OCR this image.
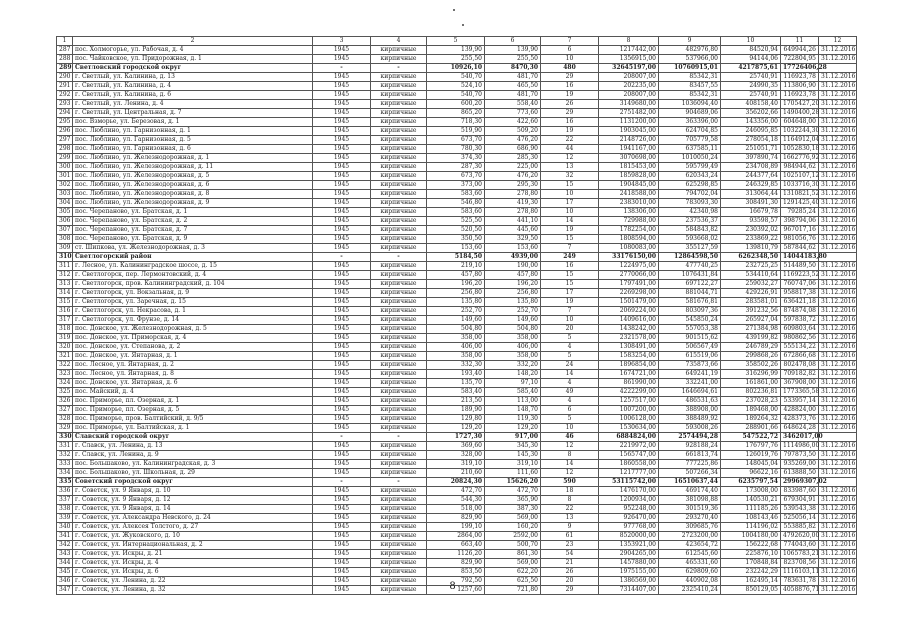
1	2	3	4	5	6	7	8	9	10	11	12
287	пос. Холмогорье, ул. Рабочая, д. 4	1945	кирпичные	139,90	139,90	6	1217442,00	482976,80	84520,94	649944,26	31.12.2016
288	пос. Чайковское, ул. Придорожная, д. 1	1945	кирпичные	255,50	255,50	10	1356915,00	537966,00	94144,06	722804,95	31.12.2016
289	Светловский городской округ	-	-	10926,10	8470,30	480	32645197,00	10760915,01	4217875,61	17726406,28	
290	г. Светлый, ул. Калинина, д. 13	1945	кирпичные	540,70	481,70	29	208007,00	85342,31	25740,91	116923,78	31.12.2016
291	г. Светлый, ул. Калинина, д. 4	1945	кирпичные	524,10	465,50	16	202235,00	83457,55	24990,35	113806,90	31.12.2016
292	г. Светлый, ул. Калинина, д. 6	1945	кирпичные	540,70	481,70	19	208007,00	85342,31	25740,91	116923,78	31.12.2016
293	г. Светлый, ул. Ленина, д. 4	1945	кирпичные	600,20	558,40	26	3149680,00	1036094,40	408158,40	1705427,20	31.12.2016
294	г. Светлый, ул. Центральная, д. 7	1945	кирпичные	865,20	773,60	29	2751482,00	904689,06	356202,66	1490400,28	31.12.2016
295	пос. Взморье, ул. Березовая, д. 1	1945	кирпичные	718,30	422,60	16	1131200,00	363396,00	143356,00	604648,00	31.12.2016
296	пос. Люблино, ул. Гарнизонная, д. 1	1945	кирпичные	519,90	509,20	19	1903045,00	624704,85	246095,85	1032244,30	31.12.2016
297	пос. Люблино, ул. Гарнизонная, д. 5	1945	кирпичные	673,70	476,20	22	2148726,00	705779,58	278054,18	1164912,04	31.12.2016
298	пос. Люблино, ул. Гарнизонная, д. 6	1945	кирпичные	780,30	686,90	44	1941167,00	637585,11	251051,71	1052830,18	31.12.2016
299	пос. Люблино, ул. Железнодорожная, д. 1	1945	кирпичные	374,30	285,30	12	3070698,00	1010050,24	397890,74	1662776,92	31.12.2016
300	пос. Люблино, ул. Железнодорожная, д. 11	1945	кирпичные	287,30	225,00	13	1815453,00	595799,49	234708,89	984944,62	31.12.2016
301	пос. Люблино, ул. Железнодорожная, д. 5	1945	кирпичные	673,70	476,20	32	1859828,00	620343,24	244377,64	1025107,12	31.12.2016
302	пос. Люблино, ул. Железнодорожная, д. 6	1945	кирпичные	373,00	295,30	15	1904845,00	625298,85	246329,85	1033716,30	31.12.2016
303	пос. Люблино, ул. Железнодорожная, д. 8	1945	кирпичные	583,60	278,80	10	2418588,00	794702,04	313064,44	1310821,52	31.12.2016
304	пос. Люблино, ул. Железнодорожная, д. 9	1945	кирпичные	546,80	419,30	17	2383010,00	783093,30	308491,30	1291425,40	31.12.2016
305	пос. Черепаново, ул. Братская, д. 1	1945	кирпичные	583,60	278,80	10	138306,00	42340,98	16679,78	79285,24	31.12.2016
306	пос. Черепаново, ул. Братская, д. 2	1945	кирпичные	525,50	441,10	14	729988,00	237536,37	93598,57	398794,06	31.12.2016
307	пос. Черепаново, ул. Братская, д. 7	1945	кирпичные	520,50	445,60	19	1782254,00	584843,82	230392,02	967017,16	31.12.2016
308	пос. Черепаново, ул. Братская, д. 9	1945	кирпичные	350,50	329,50	15	1808594,00	593668,02	233869,22	981056,76	31.12.2016
309	ст. Шипкова, ул. Железнодорожная, д. 3	1945	кирпичные	153,60	153,60	7	1080083,00	355127,59	139810,79	587844,62	31.12.2016
310	Светлогорский район	-	-	5184,50	4939,00	249	33176150,00	12864598,50	6262348,50	14044183,80	
311	г. Лесное, ул. Калининградское шоссе, д. 15	1945	кирпичные	219,10	190,00	16	1224975,00	477740,25	232725,25	514489,50	31.12.2016
312	г. Светлогорск, пер. Лермонтовский, д. 4	1945	кирпичные	457,80	457,80	15	2770066,00	1076431,84	534410,64	1169223,52	31.12.2016
313	г. Светлогорск, пров. Калининградский, д. 104	1945	кирпичные	196,20	196,20	15	1797491,00	697122,27	259032,27	760747,06	31.12.2016
314	г. Светлогорск, ул. Вокзальная, д. 9	1945	кирпичные	256,80	256,80	17	2269298,00	881044,71	429226,91	958817,38	31.12.2016
315	г. Светлогорск, ул. Заречная, д. 15	1945	кирпичные	135,80	135,80	19	1501479,00	581676,81	283581,01	636421,18	31.12.2016
316	г. Светлогорск, ул. Некрасова, д. 1	1945	кирпичные	252,70	252,70	7	2069224,00	803097,36	391232,56	874874,08	31.12.2016
317	г. Светлогорск, ул. Фрунзе, д. 14	1945	кирпичные	149,60	149,60	10	1409616,00	545850,24	265927,04	597838,72	31.12.2016
318	пос. Донское, ул. Железнодорожная, д. 5	1945	кирпичные	504,80	504,80	20	1438242,00	557053,38	271384,98	609803,64	31.12.2016
319	пос. Донское, ул. Приморская, д. 4	1945	кирпичные	358,00	358,00	5	2321578,00	901515,62	439199,82	980862,56	31.12.2016
320	пос. Донское, ул. Степанова, д. 2	1945	кирпичные	406,00	406,00	4	1308491,00	506567,49	246789,29	555134,22	31.12.2016
321	пос. Донское, ул. Янтарная, д. 1	1945	кирпичные	358,00	358,00	5	1583254,00	615519,06	299868,26	672866,68	31.12.2016
322	пос. Лесное, ул. Янтарная, д. 2	1945	кирпичные	332,30	332,20	24	1896854,00	735873,66	358502,26	802478,08	31.12.2016
323	пос. Лесное, ул. Янтарная, д. 8	1945	кирпичные	193,40	148,20	14	1674721,00	649241,19	316296,99	709182,82	31.12.2016
324	пос. Донское, ул. Янтарная, д. 6	1945	кирпичные	135,70	97,10	4	861990,00	332241,00	161861,00	367908,00	31.12.2016
325	пос. Майский, д. 4	1945	кирпичные	583,40	585,40	49	4222299,00	1646694,61	802236,81	1773365,58	31.12.2016
326	пос. Приморье, пл. Озерная, д. 1	1945	кирпичные	213,50	113,00	4	1257517,00	486531,63	237028,23	533957,14	31.12.2016
327	пос. Приморье, пл. Озерная, д. 5	1945	кирпичные	189,90	148,70	6	1007200,00	388908,00	189468,00	428824,00	31.12.2016
328	пос. Приморье, пров. Балтийский, д. 9/5	1945	кирпичные	129,80	119,30	5	1006128,00	388489,92	189264,32	428373,76	31.12.2016
329	пос. Приморье, ул. Балтийская, д. 1	1945	кирпичные	129,20	129,20	10	1530634,00	593008,26	288901,66	648624,28	31.12.2016
330	Славский городской округ	-	-	1727,30	917,00	46	6884824,00	2574494,28	547522,72	3462017,00	
331	г. Славск, ул. Ленина, д. 13	1945	кирпичные	369,60	345,30	12	2219972,00	928188,24	176797,76	1114986,00	31.12.2016
332	г. Славск, ул. Ленина, д. 9	1945	кирпичные	328,00	145,30	8	1565747,00	661813,74	126019,76	797873,50	31.12.2016
333	пос. Большаково, ул. Калининградская, д. 3	1945	кирпичные	319,10	319,10	14	1860558,00	777225,86	148045,04	935269,00	31.12.2016
334	пос. Большаково, ул. Школьная, д. 29	1945	кирпичные	210,60	111,60	12	1217777,00	507266,34	96622,16	613888,50	31.12.2016
335	Советский городской округ	-	-	20824,30	15626,20	590	53115742,00	16510637,44	6235797,54	29969307,02	
336	г. Советск, ул. 9 Января, д. 10	1945	кирпичные	472,70	472,70	18	1476170,00	469174,40	173008,00	833987,60	31.12.2016
337	г. Советск, ул. 9 Января, д. 12	1945	кирпичные	544,30	365,90	8	1200934,00	381098,88	140530,21	679304,91	31.12.2016
338	г. Советск, ул. 9 Января, д. 14	1945	кирпичные	518,00	387,30	22	952248,00	301519,36	111185,26	539543,38	31.12.2016
339	г. Советск, ул. Александра Невского, д. 24	1945	кирпичные	829,90	569,00	13	926470,00	293270,40	108143,46	525056,14	31.12.2016
340	г. Советск, ул. Алексея Толстого, д. 27	1945	кирпичные	199,10	160,20	9	977768,00	309685,76	114196,02	553885,82	31.12.2016
341	г. Советск, ул. Жуковского, д. 10	1945	кирпичные	2864,00	2592,00	61	8520000,00	2723200,00	1004180,00	4792620,00	31.12.2016
342	г. Советск, ул. Интернациональная, д. 2	1945	кирпичные	663,40	500,70	23	1353921,00	423654,72	156222,68	774043,60	31.12.2016
343	г. Советск, ул. Искры, д. 21	1945	кирпичные	1126,20	861,30	54	2904265,00	612545,60	225876,10	1065783,21	31.12.2016
344	г. Советск, ул. Искры, д. 4	1945	кирпичные	829,90	569,00	21	1457880,00	465331,60	170848,84	823708,56	31.12.2016
345	г. Советск, ул. Искры, д. 6	1945	кирпичные	853,50	622,20	26	1975155,00	629809,60	232242,29	1116103,11	31.12.2016
346	г. Советск, ул. Ленина, д. 22	1945	кирпичные	792,50	625,50	20	1386569,00	440902,08	162495,14	783631,78	31.12.2016
347	г. Советск, ул. Ленина, д. 32	1945	кирпичные	1257,60	721,80	29	7314407,00	2325410,24	850129,05	4058876,71	31.12.2016
8
